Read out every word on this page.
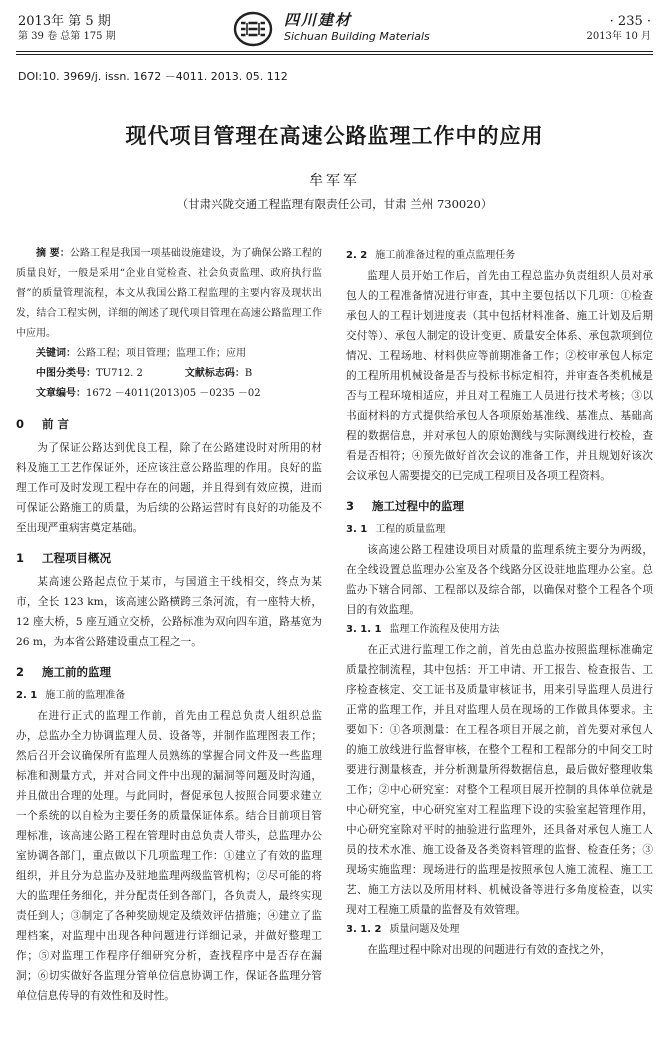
2013年 第 5 期
第 39 卷 总第 175 期
四川建材
Sichuan Building Materials
· 235 ·
2013年 10 月
DOI:10. 3969/j. issn. 1672 －4011. 2013. 05. 112
现代项目管理在高速公路监理工作中的应用
牟军军
（甘肃兴陇交通工程监理有限责任公司，甘肃 兰州 730020）

摘 要：公路工程是我国一项基础设施建设，为了确保公路工程的质量良好，一般是采用“企业自觉检查、社会负责监理、政府执行监督”的质量管理流程，本文从我国公路工程监理的主要内容及现状出发，结合工程实例，详细的阐述了现代项目管理在高速公路监理工作中应用。

关键词：公路工程；项目管理；监理工作；应用

中图分类号：TU712. 2	文献标志码：B

文章编号：1672 －4011(2013)05 －0235 －02

0 前 言

为了保证公路达到优良工程，除了在公路建设时对所用的材料及施工工艺作保证外，还应该注意公路监理的作用。良好的监理工作可及时发现工程中存在的问题，并且得到有效应摸，进而可保证公路施工的质量，为后续的公路运营时有良好的功能及不至出现严重病害奠定基础。

1 工程项目概况

某高速公路起点位于某市，与国道主干线相交，终点为某市，全长 123 km，该高速公路横跨三条河流，有一座特大桥，12 座大桥，5 座互通立交桥，公路标准为双向四车道，路基宽为 26 m，为本省公路建设重点工程之一。

2 施工前的监理
2. 1 施工前的监理准备

在进行正式的监理工作前，首先由工程总负责人组织总监办，总监办全力协调监理人员、设备等，并制作监理图表工作；然后召开会议确保所有监理人员熟练的掌握合同文件及一些监理标准和测量方式，并对合同文件中出现的漏洞等问题及时沟通，并且做出合理的处理。与此同时，督促承包人按照合同要求建立一个系统的以自检为主要任务的质量保证体系。结合目前项目管理标准，该高速公路工程在管理时由总负责人带头，总监理办公室协调各部门，重点做以下几项监理工作：①建立了有效的监理组织，并且分为总监办及驻地监理两级监管机构；②尽可能的将大的监理任务细化，并分配责任到各部门，各负责人，最终实现责任到人；③制定了各种奖励规定及绩效评估措施；④建立了监理档案，对监理中出现各种问题进行详细记录，并做好整理工作；⑤对监理工作程序仔细研究分析，查找程序中是否存在漏洞；⑥切实做好各监理分管单位信息协调工作，保证各监理分管单位信息传导的有效性和及时性。

2. 2 施工前准备过程的重点监理任务

监理人员开始工作后，首先由工程总监办负责组织人员对承包人的工程准备情况进行审查，其中主要包括以下几项：①检查承包人的工程计划进度表（其中包括材料准备、施工计划及后期交付等）、承包人制定的设计变更、质量安全体系、承包款项到位情况、工程场地、材料供应等前期准备工作；②校审承包人标定的工程所用机械设备是否与投标书标定相符，并审查各类机械是否与工程环境相适应，并且对工程施工人员进行技术考核；③以书面材料的方式提供给承包人各项原始基准线、基准点、基础高程的数据信息，并对承包人的原始测线与实际测线进行校检，查看是否相符；④预先做好首次会议的准备工作，并且规划好该次会议承包人需要提交的已完成工程项目及各项工程资料。

3 施工过程中的监理
3. 1 工程的质量监理

该高速公路工程建设项目对质量的监理系统主要分为两级，在全线设置总监理办公室及各个线路分区设驻地监理办公室。总监办下辖合同部、工程部以及综合部，以确保对整个工程各个项目的有效监理。

3. 1. 1 监理工作流程及使用方法

在正式进行监理工作之前，首先由总监办按照监理标准确定质量控制流程，其中包括：开工申请、开工报告、检查报告、工序检查核定、交工证书及质量审核证书，用来引导监理人员进行正常的监理工作，并且对监理人员在现场的工作做具体要求。主要如下：①各项测量：在工程各项目开展之前，首先要对承包人的施工放线进行监督审核，在整个工程和工程部分的中间交工时要进行测量核查，并分析测量所得数据信息，最后做好整理收集工作；②中心研究室：对整个工程项目展开控制的具体单位就是中心研究室，中心研究室对工程监理下设的实验室起管理作用，中心研究室除对平时的抽验进行监理外，还具备对承包人施工人员的技术水准、施工设备及各类资料管理的监督、检查任务；③现场实施监理：现场进行的监理是按照承包人施工流程、施工工艺、施工方法以及所用材料、机械设备等进行多角度检查，以实现对工程施工质量的监督及有效管理。

3. 1. 2 质量问题及处理

在监理过程中除对出现的问题进行有效的查找之外，
